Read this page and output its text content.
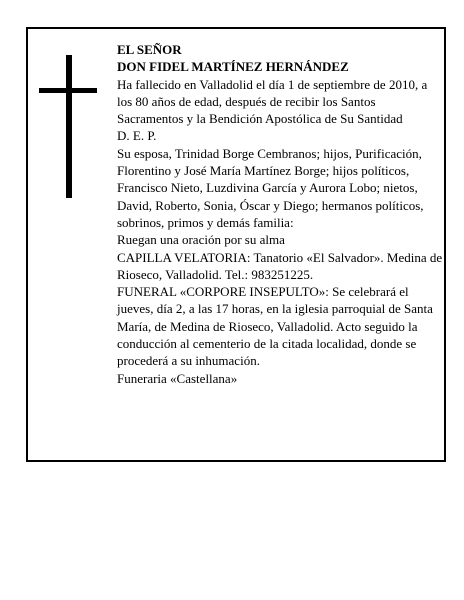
EL SEÑOR

DON FIDEL MARTÍNEZ HERNÁNDEZ

Ha fallecido en Valladolid el día 1 de septiembre de 2010, a los 80 años de edad, después de recibir los Santos Sacramentos y la Bendición Apostólica de Su Santidad

D. E. P.

Su esposa, Trinidad Borge Cembranos; hijos, Purificación, Florentino y José María Martínez Borge; hijos políticos, Francisco Nieto, Luzdivina García y Aurora Lobo; nietos, David, Roberto, Sonia, Óscar y Diego; hermanos políticos, sobrinos, primos y demás familia:

Ruegan una oración por su alma

CAPILLA VELATORIA: Tanatorio «El Salvador». Medina de Rioseco, Valladolid. Tel.: 983251225.

FUNERAL «CORPORE INSEPULTO»: Se celebrará el jueves, día 2, a las 17 horas, en la iglesia parroquial de Santa María, de Medina de Rioseco, Valladolid. Acto seguido la conducción al cementerio de la citada localidad, donde se procederá a su inhumación.

Funeraria «Castellana»
